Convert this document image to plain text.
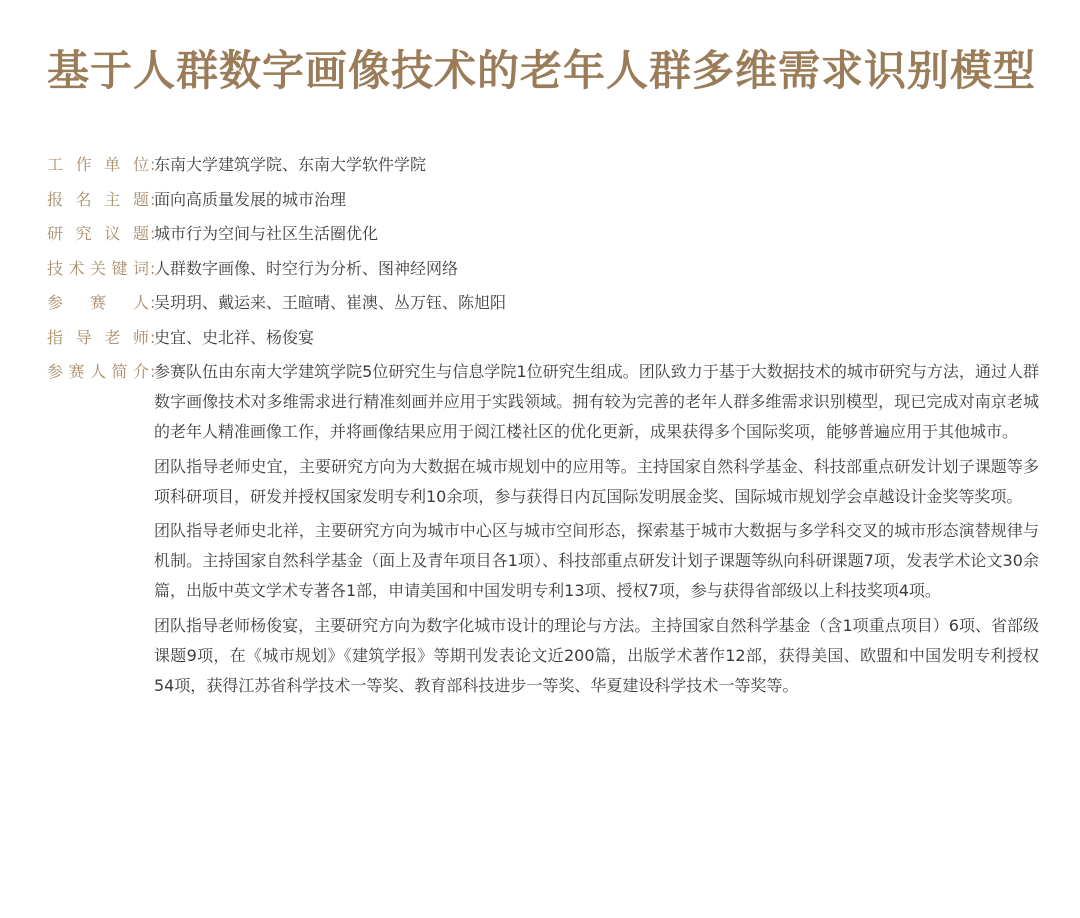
基于人群数字画像技术的老年人群多维需求识别模型
工作单位 :
东南大学建筑学院、东南大学软件学院
报名主题 :
面向高质量发展的城市治理
研究议题 :
城市行为空间与社区生活圈优化
技术关键词 :
人群数字画像、时空行为分析、图神经网络
参赛人 :
吴玥玥、戴运来、王暄晴、崔澳、丛万钰、陈旭阳
指导老师 :
史宜、史北祥、杨俊宴
参赛人简介 :

参赛队伍由东南大学建筑学院5位研究生与信息学院1位研究生组成。团队致力于基于大数据技术的城市研究与方法，通过人群数字画像技术对多维需求进行精准刻画并应用于实践领域。拥有较为完善的老年人群多维需求识别模型，现已完成对南京老城的老年人精准画像工作，并将画像结果应用于阅江楼社区的优化更新，成果获得多个国际奖项，能够普遍应用于其他城市。

团队指导老师史宜，主要研究方向为大数据在城市规划中的应用等。主持国家自然科学基金、科技部重点研发计划子课题等多项科研项目，研发并授权国家发明专利10余项，参与获得日内瓦国际发明展金奖、国际城市规划学会卓越设计金奖等奖项。

团队指导老师史北祥，主要研究方向为城市中心区与城市空间形态，探索基于城市大数据与多学科交叉的城市形态演替规律与机制。主持国家自然科学基金（面上及青年项目各1项）、科技部重点研发计划子课题等纵向科研课题7项，发表学术论文30余篇，出版中英文学术专著各1部，申请美国和中国发明专利13项、授权7项，参与获得省部级以上科技奖项4项。

团队指导老师杨俊宴，主要研究方向为数字化城市设计的理论与方法。主持国家自然科学基金（含1项重点项目）6项、省部级课题9项，在《城市规划》《建筑学报》等期刊发表论文近200篇，出版学术著作12部，获得美国、欧盟和中国发明专利授权54项，获得江苏省科学技术一等奖、教育部科技进步一等奖、华夏建设科学技术一等奖等。
